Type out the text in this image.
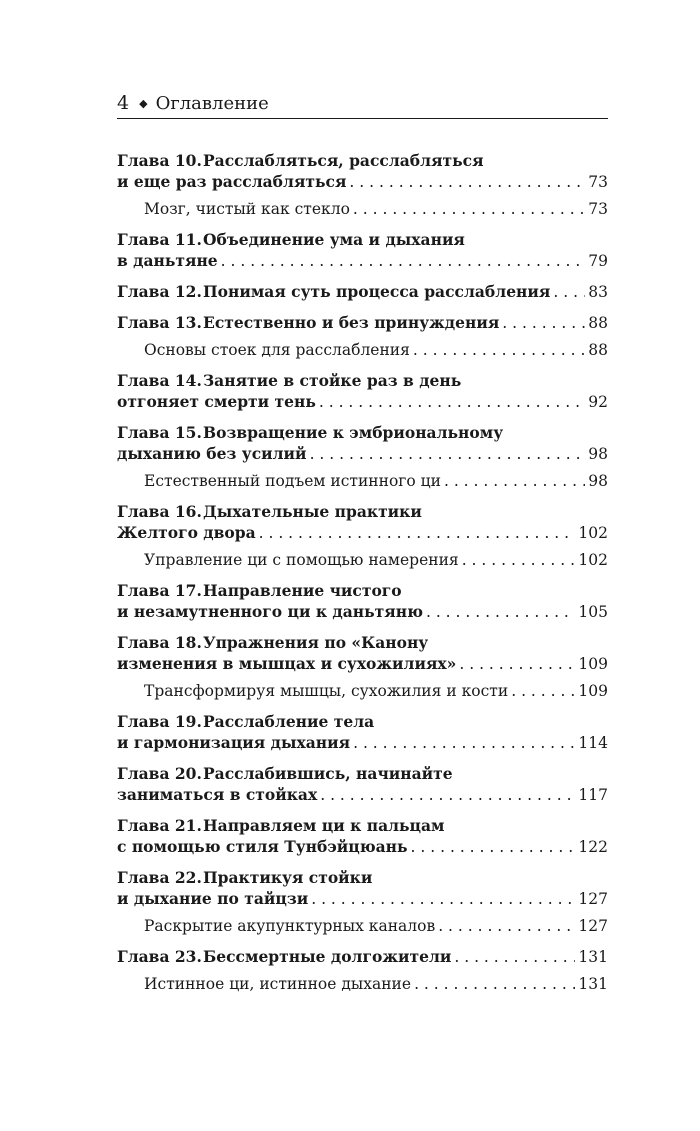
4 ◆ Оглавление
Глава 10.Расслабляться, расслабляться
и еще раз расслабляться . . .	73
Мозг, чистый как стекло . . .	73
Глава 11.Объединение ума и дыхания
в даньтяне . . .	79
Глава 12.Понимая суть процесса расслабления . . . 83
Глава 13.Естественно и без принуждения . . .	88
Основы стоек для расслабления . . .	88
Глава 14.Занятие в стойке раз в день
отгоняет смерти тень . . .	92
Глава 15.Возвращение к эмбриональному
дыханию без усилий . . .	98
Естественный подъем истинного ци . . .	98
Глава 16.Дыхательные практики
Желтого двора . . .	102
Управление ци с помощью намерения . . .	102
Глава 17.Направление чистого
и незамутненного ци к даньтяню . . .	105
Глава 18.Упражнения по «Канону
изменения в мышцах и сухожилиях» . . .	109
Трансформируя мышцы, сухожилия и кости . . .	109
Глава 19.Расслабление тела
и гармонизация дыхания . . .	114
Глава 20.Расслабившись, начинайте
заниматься в стойках . . .	117
Глава 21.Направляем ци к пальцам
с помощью стиля Тунбэйцюань . . .	122
Глава 22.Практикуя стойки
и дыхание по тайцзи . . .	127
Раскрытие акупунктурных каналов . . .	127
Глава 23.Бессмертные долгожители . . .	131
Истинное ци, истинное дыхание . . .	131
